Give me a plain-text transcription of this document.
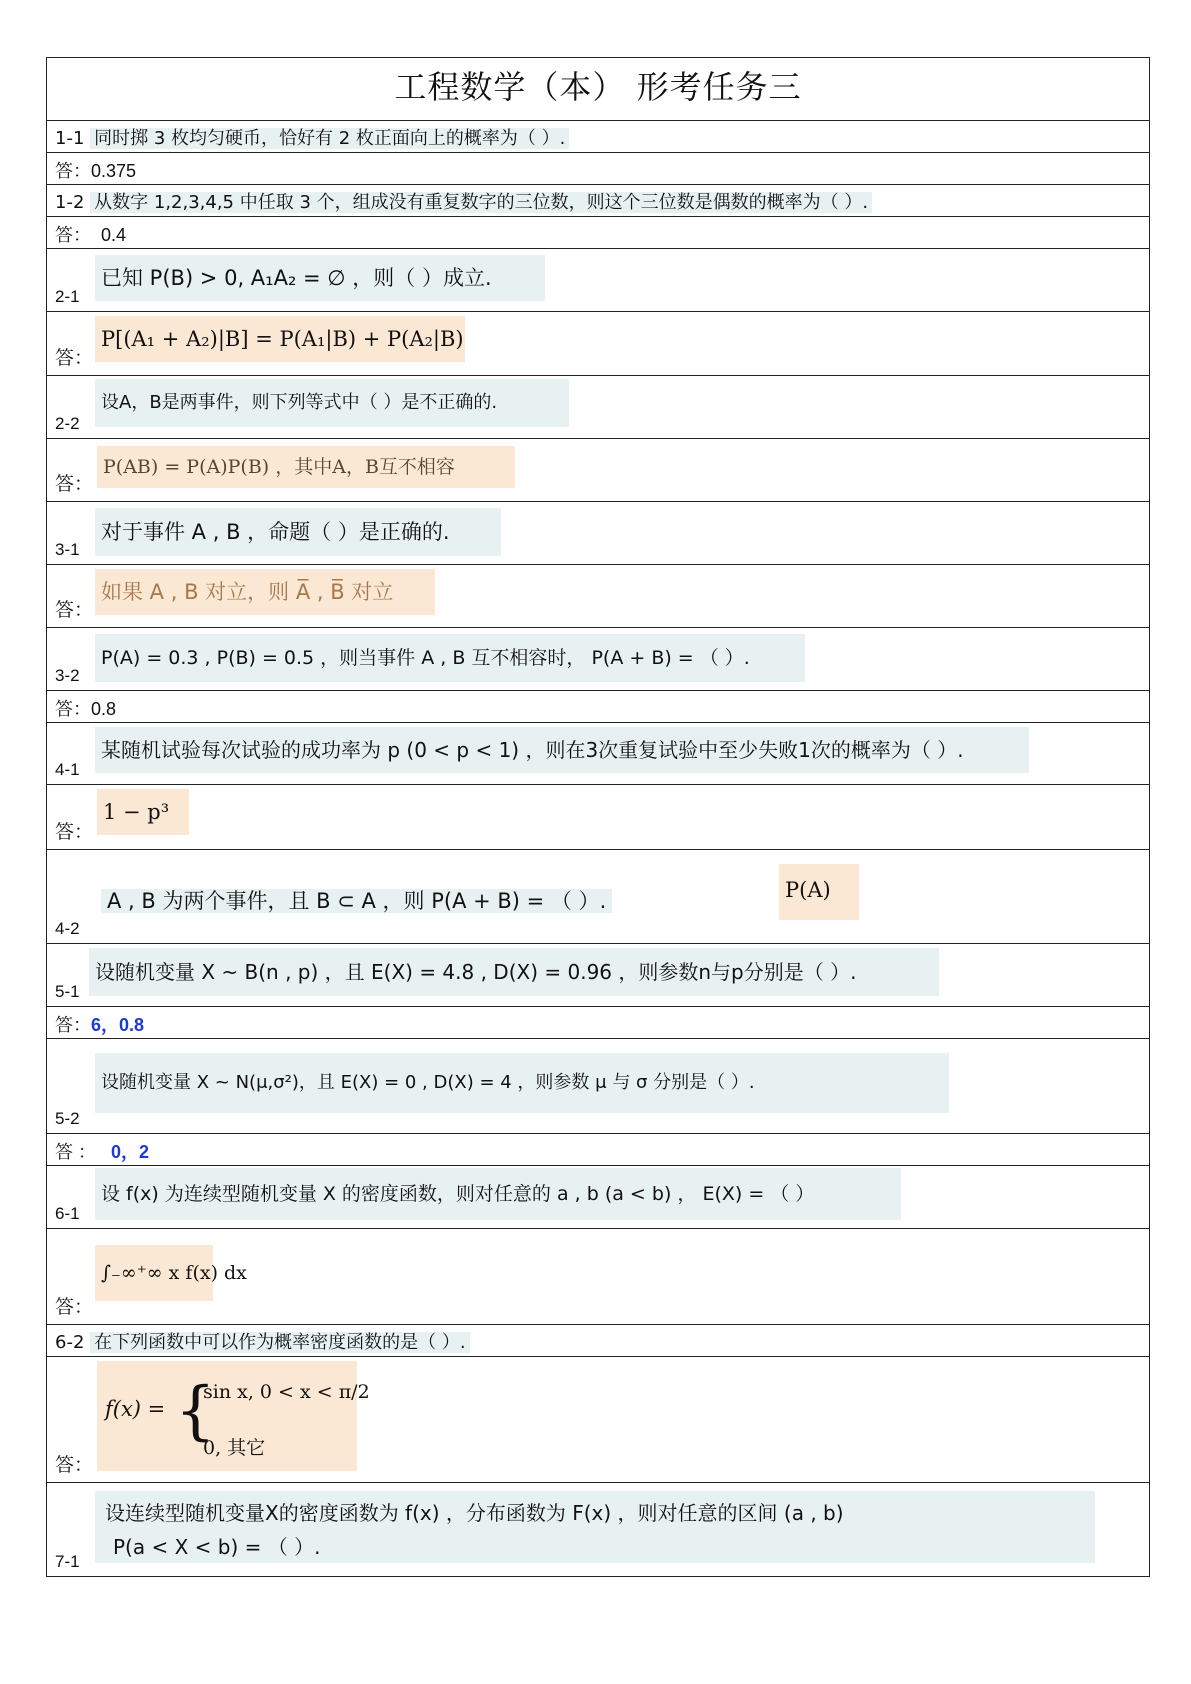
工程数学（本） 形考任务三
1-1 同时掷 3 枚均匀硬币，恰好有 2 枚正面向上的概率为（ ）.
答：0.375
1-2 从数字 1,2,3,4,5 中任取 3 个，组成没有重复数字的三位数，则这个三位数是偶数的概率为（ ）.
答： 0.4
已知 P(B) > 0, A₁A₂ = ∅ ，则（ ）成立.
2-1
P[(A₁ + A₂)|B] = P(A₁|B) + P(A₂|B)
答：
设A，B是两事件，则下列等式中（ ）是不正确的.
2-2
P(AB) = P(A)P(B) ，其中A，B互不相容
答：
对于事件 A , B ，命题（ ）是正确的.
3-1
如果 A , B 对立，则 A̅ , B̅ 对立
答：
P(A) = 0.3 , P(B) = 0.5 ，则当事件 A , B 互不相容时， P(A + B) = （ ）.
3-2
答：0.8
某随机试验每次试验的成功率为 p (0 < p < 1) ，则在3次重复试验中至少失败1次的概率为（ ）.
4-1
1 − p³
答：
A , B 为两个事件，且 B ⊂ A ，则 P(A + B) = （ ）.	P(A)
4-2
设随机变量 X ~ B(n , p) ，且 E(X) = 4.8 , D(X) = 0.96 ，则参数n与p分别是（ ）.
5-1
答：6，0.8
设随机变量 X ~ N(μ,σ²)，且 E(X) = 0 , D(X) = 4 ，则参数 μ 与 σ 分别是（ ）.
5-2
答 ： 0，2
设 f(x) 为连续型随机变量 X 的密度函数，则对任意的 a , b (a < b) ， E(X) = （ ）
6-1
∫₋∞⁺∞ x f(x) dx
答：
6-2 在下列函数中可以作为概率密度函数的是（ ）.
f(x) = {
sin x, 0 < x < π/2
0, 其它
答：
设连续型随机变量X的密度函数为 f(x) ，分布函数为 F(x) ，则对任意的区间 (a , b)
P(a < X < b) = （ ）.
7-1
